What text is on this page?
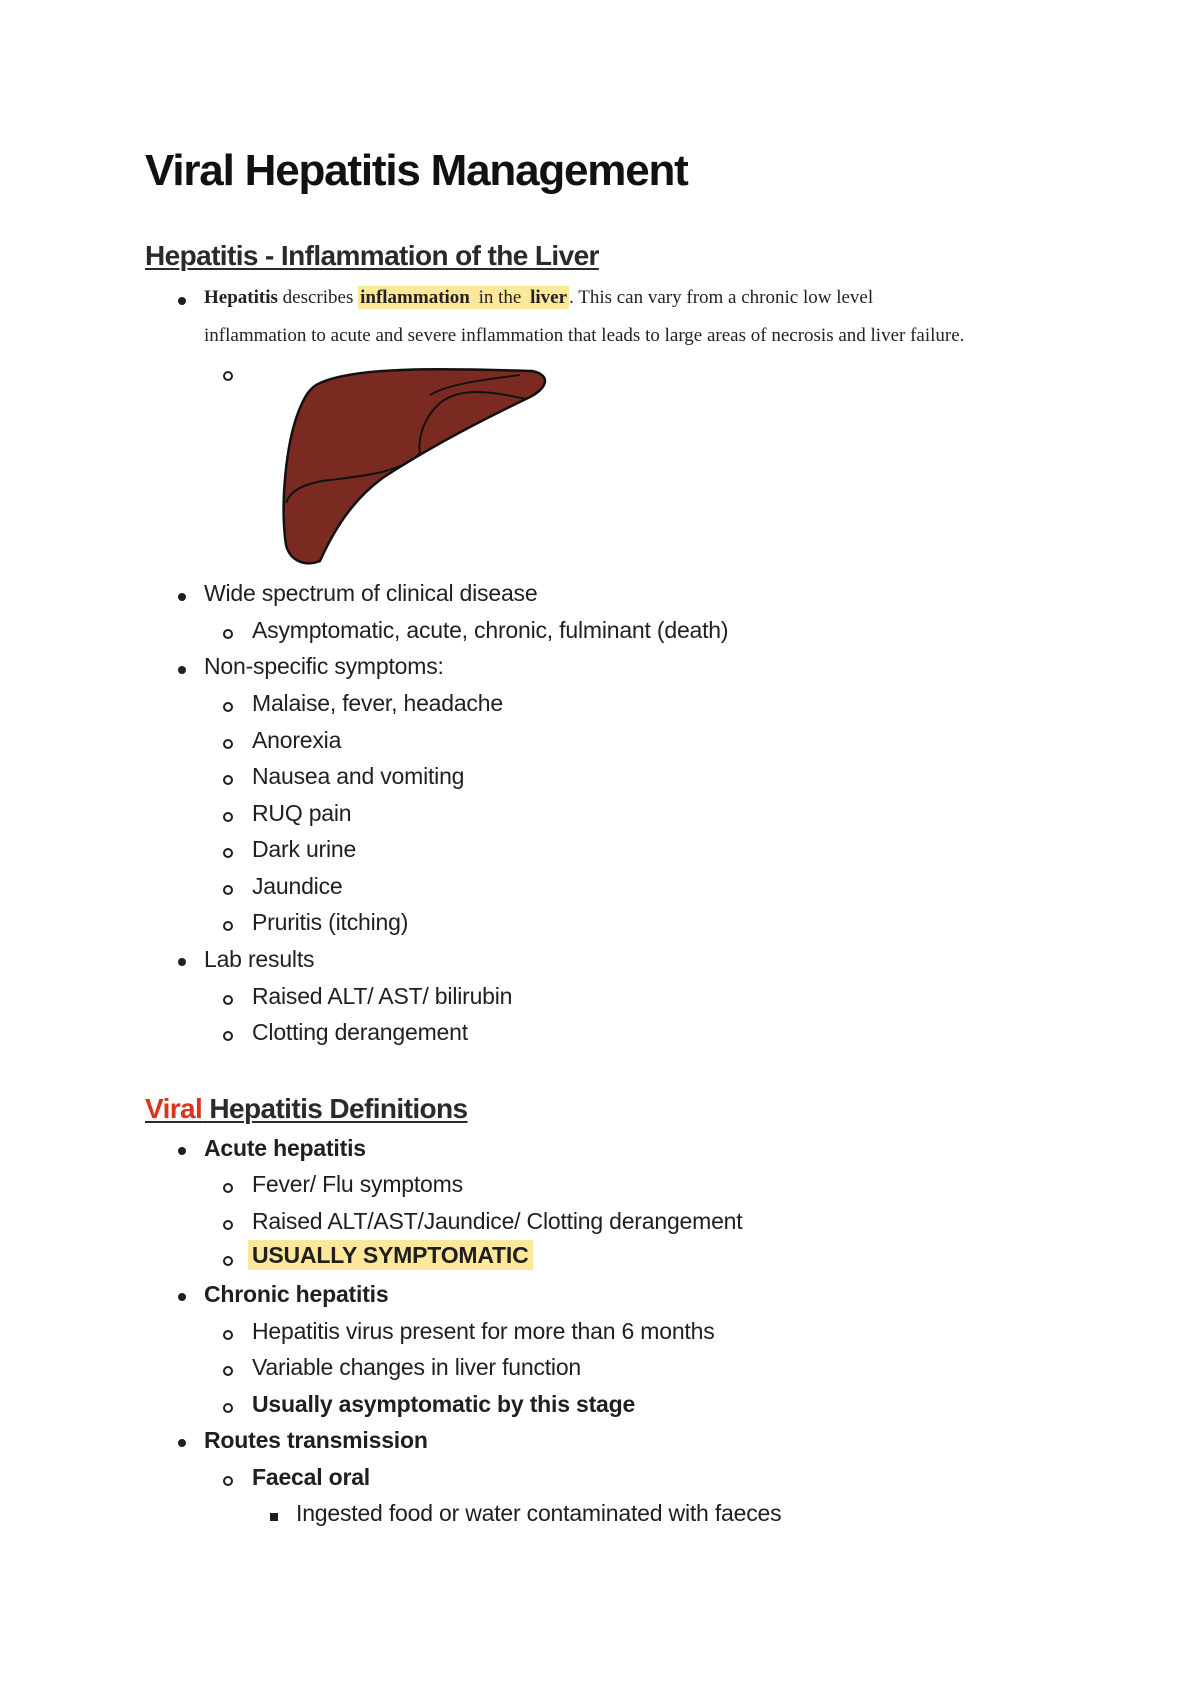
Viral Hepatitis Management
Hepatitis - Inflammation of the Liver
Hepatitis describes inflammation in the liver . This can vary from a chronic low level
inflammation to acute and severe inflammation that leads to large areas of necrosis and liver failure.
Wide spectrum of clinical disease
Asymptomatic, acute, chronic, fulminant (death)
Non-specific symptoms:
Malaise, fever, headache
Anorexia
Nausea and vomiting
RUQ pain
Dark urine
Jaundice
Pruritis (itching)
Lab results
Raised ALT/ AST/ bilirubin
Clotting derangement
Viral Hepatitis Definitions
Acute hepatitis
Fever/ Flu symptoms
Raised ALT/AST/Jaundice/ Clotting derangement
USUALLY SYMPTOMATIC
Chronic hepatitis
Hepatitis virus present for more than 6 months
Variable changes in liver function
Usually asymptomatic by this stage
Routes transmission
Faecal oral
Ingested food or water contaminated with faeces
